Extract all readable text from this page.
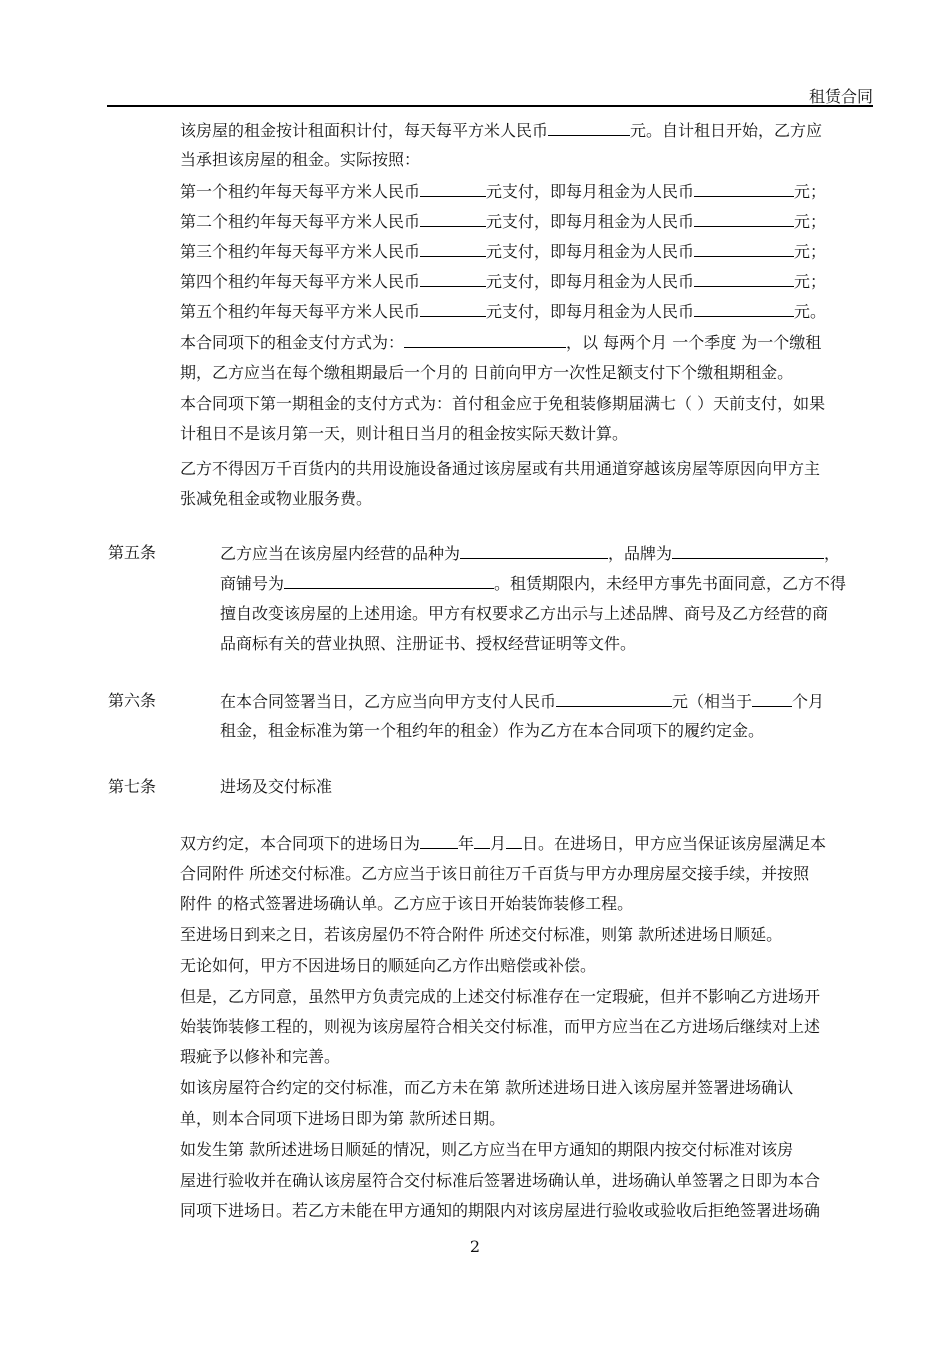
租赁合同
该房屋的租金按计租面积计付，每天每平方米人民币	元。自计租日开始，乙方应
当承担该房屋的租金。实际按照：
第一个租约年每天每平方米人民币	元支付，即每月租金为人民币	元；
第二个租约年每天每平方米人民币	元支付，即每月租金为人民币	元；
第三个租约年每天每平方米人民币	元支付，即每月租金为人民币	元；
第四个租约年每天每平方米人民币	元支付，即每月租金为人民币	元；
第五个租约年每天每平方米人民币	元支付，即每月租金为人民币	元。
本合同项下的租金支付方式为：	，以 每两个月 一个季度 为一个缴租
期，乙方应当在每个缴租期最后一个月的 日前向甲方一次性足额支付下个缴租期租金。
本合同项下第一期租金的支付方式为：首付租金应于免租装修期届满七（ ）天前支付，如果
计租日不是该月第一天，则计租日当月的租金按实际天数计算。
乙方不得因万千百货内的共用设施设备通过该房屋或有共用通道穿越该房屋等原因向甲方主
张减免租金或物业服务费。
第五条	乙方应当在该房屋内经营的品种为	，品牌为	，
商铺号为	。租赁期限内，未经甲方事先书面同意，乙方不得
擅自改变该房屋的上述用途。甲方有权要求乙方出示与上述品牌、商号及乙方经营的商
品商标有关的营业执照、注册证书、授权经营证明等文件。
第六条	在本合同签署当日，乙方应当向甲方支付人民币	元（相当于	个月
租金，租金标准为第一个租约年的租金）作为乙方在本合同项下的履约定金。
第七条	进场及交付标准
双方约定，本合同项下的进场日为 年 月 日。在进场日，甲方应当保证该房屋满足本
合同附件 所述交付标准。乙方应当于该日前往万千百货与甲方办理房屋交接手续，并按照
附件 的格式签署进场确认单。乙方应于该日开始装饰装修工程。
至进场日到来之日，若该房屋仍不符合附件 所述交付标准，则第 款所述进场日顺延。
无论如何，甲方不因进场日的顺延向乙方作出赔偿或补偿。
但是，乙方同意，虽然甲方负责完成的上述交付标准存在一定瑕疵，但并不影响乙方进场开
始装饰装修工程的，则视为该房屋符合相关交付标准，而甲方应当在乙方进场后继续对上述
瑕疵予以修补和完善。
如该房屋符合约定的交付标准，而乙方未在第 款所述进场日进入该房屋并签署进场确认
单，则本合同项下进场日即为第 款所述日期。
如发生第 款所述进场日顺延的情况，则乙方应当在甲方通知的期限内按交付标准对该房
屋进行验收并在确认该房屋符合交付标准后签署进场确认单，进场确认单签署之日即为本合
同项下进场日。若乙方未能在甲方通知的期限内对该房屋进行验收或验收后拒绝签署进场确
2
